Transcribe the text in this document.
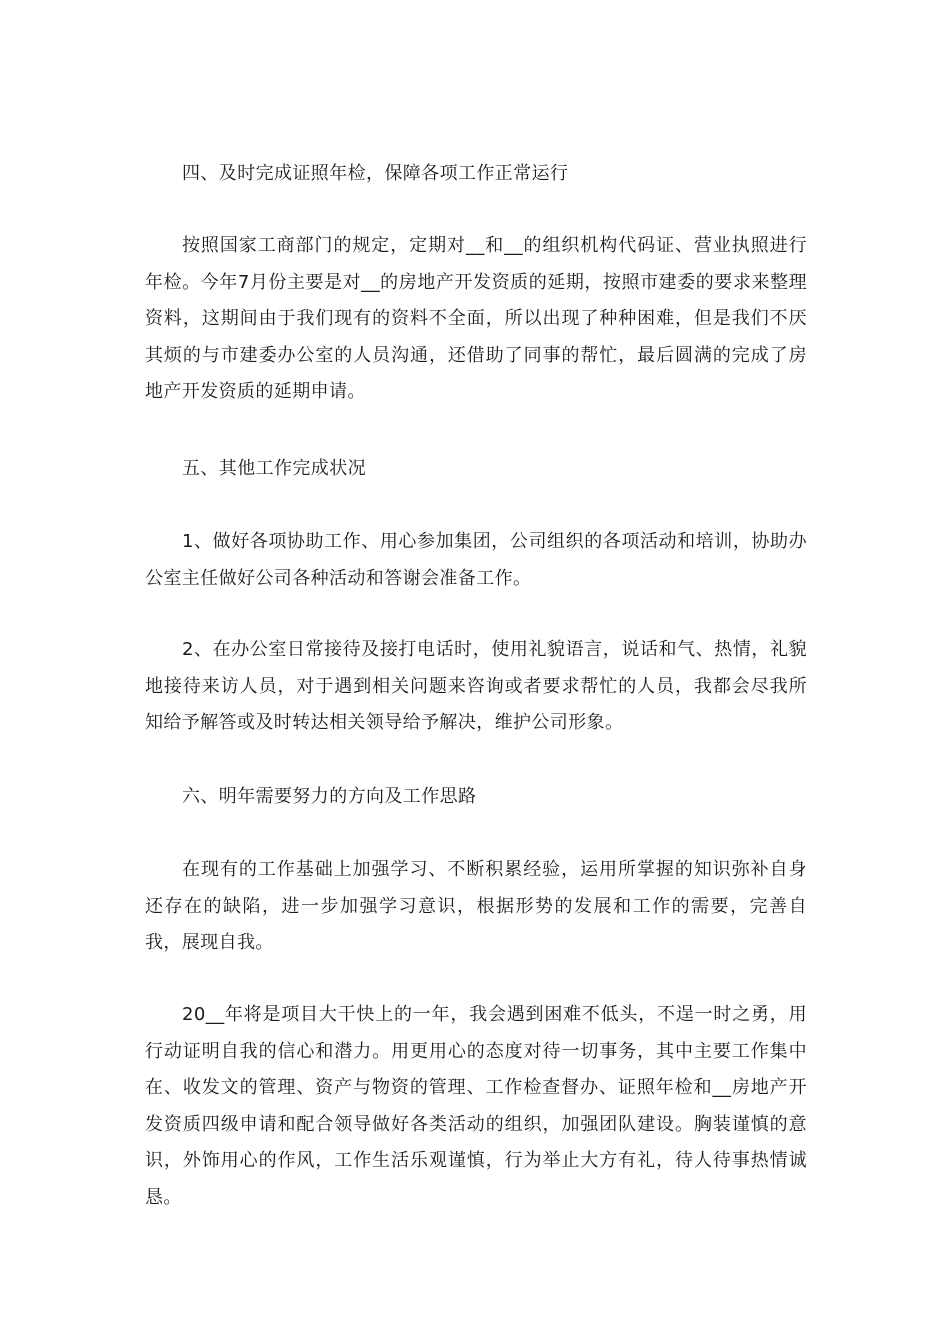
四、及时完成证照年检，保障各项工作正常运行

按照国家工商部门的规定，定期对__和__的组织机构代码证、营业执照进行年检。今年7月份主要是对__的房地产开发资质的延期，按照市建委的要求来整理资料，这期间由于我们现有的资料不全面，所以出现了种种困难，但是我们不厌其烦的与市建委办公室的人员沟通，还借助了同事的帮忙，最后圆满的完成了房地产开发资质的延期申请。

五、其他工作完成状况

1、做好各项协助工作、用心参加集团，公司组织的各项活动和培训，协助办公室主任做好公司各种活动和答谢会准备工作。

2、在办公室日常接待及接打电话时，使用礼貌语言，说话和气、热情，礼貌地接待来访人员，对于遇到相关问题来咨询或者要求帮忙的人员，我都会尽我所知给予解答或及时转达相关领导给予解决，维护公司形象。

六、明年需要努力的方向及工作思路

在现有的工作基础上加强学习、不断积累经验，运用所掌握的知识弥补自身还存在的缺陷，进一步加强学习意识，根据形势的发展和工作的需要，完善自我，展现自我。

20__年将是项目大干快上的一年，我会遇到困难不低头，不逞一时之勇，用行动证明自我的信心和潜力。用更用心的态度对待一切事务，其中主要工作集中在、收发文的管理、资产与物资的管理、工作检查督办、证照年检和__房地产开发资质四级申请和配合领导做好各类活动的组织，加强团队建设。胸装谨慎的意识，外饰用心的作风，工作生活乐观谨慎，行为举止大方有礼，待人待事热情诚恳。
